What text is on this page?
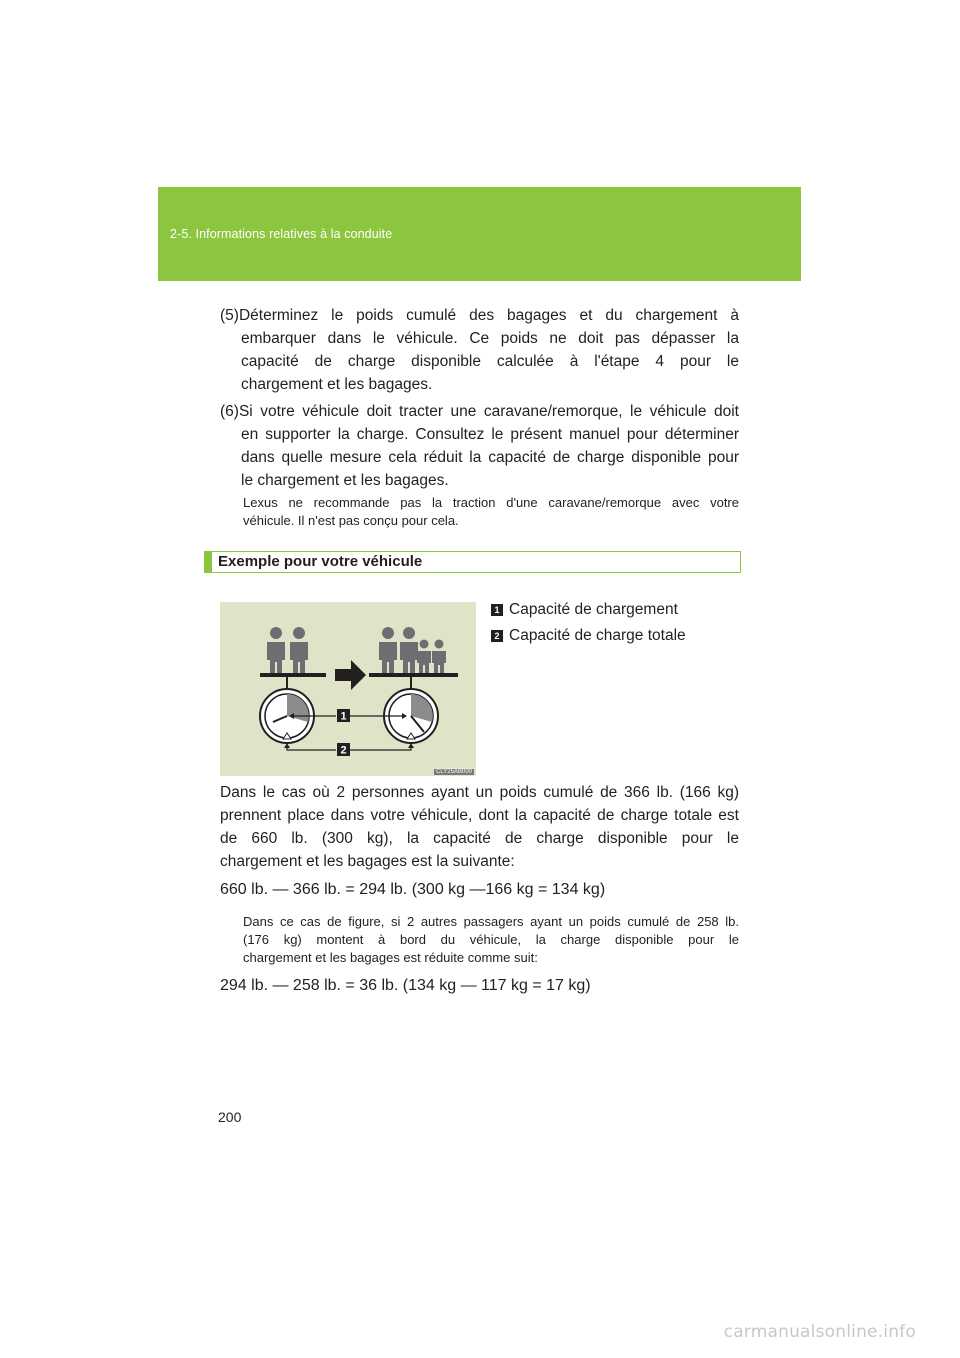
2-5. Informations relatives à la conduite
(5)Déterminez le poids cumulé des bagages et du chargement à
embarquer dans le véhicule. Ce poids ne doit pas dépasser la
capacité de charge disponible calculée à l'étape 4 pour le
chargement et les bagages.
(6)Si votre véhicule doit tracter une caravane/remorque, le véhicule doit
en supporter la charge. Consultez le présent manuel pour déterminer
dans quelle mesure cela réduit la capacité de charge disponible pour
le chargement et les bagages.
Lexus ne recommande pas la traction d'une caravane/remorque avec votre
véhicule. Il n'est pas conçu pour cela.
Exemple pour votre véhicule
1
2
CLY25AB000
1 Capacité de chargement
2 Capacité de charge totale
Dans le cas où 2 personnes ayant un poids cumulé de 366 lb. (166 kg)
prennent place dans votre véhicule, dont la capacité de charge totale est
de 660 lb. (300 kg), la capacité de charge disponible pour le
chargement et les bagages est la suivante:
660 lb. — 366 lb. = 294 lb. (300 kg —166 kg = 134 kg)
Dans ce cas de figure, si 2 autres passagers ayant un poids cumulé de 258 lb.
(176 kg) montent à bord du véhicule, la charge disponible pour le
chargement et les bagages est réduite comme suit:
294 lb. — 258 lb. = 36 lb. (134 kg — 117 kg = 17 kg)
200
carmanualsonline.info
